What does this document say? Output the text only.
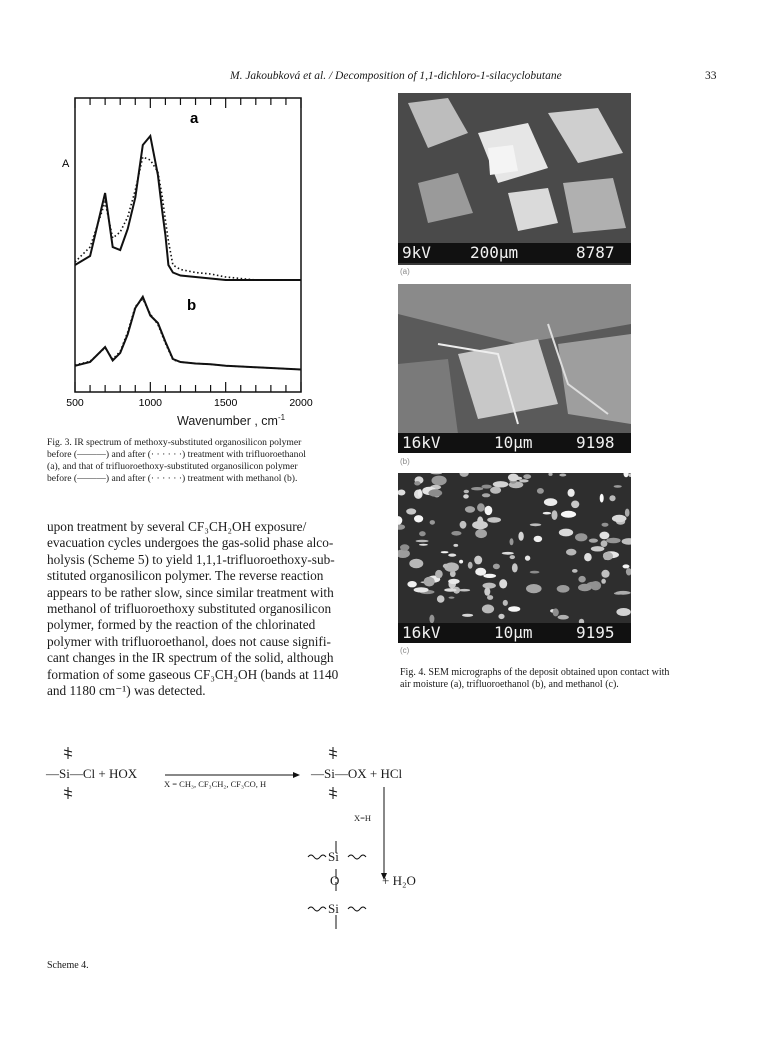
M. Jakoubková et al. / Decomposition of 1,1-dichloro-1-silacyclobutane	33
500	1000	1500	2000
A
a
b
Wavenumber , $cm^{-1}$
Fig. 3. IR spectrum of methoxy-substituted organosilicon polymer
before (———) and after (· · · · · ·) treatment with trifluoroethanol
(a), and that of trifluoroethoxy-substituted organosilicon polymer
before (———) and after (· · · · · ·) treatment with methanol (b).
upon treatment by several CF₃CH₂OH exposure/
evacuation cycles undergoes the gas-solid phase alco-
holysis (Scheme 5) to yield 1,1,1-trifluoroethoxy-sub-
stituted organosilicon polymer. The reverse reaction
appears to be rather slow, since similar treatment with
methanol of trifluoroethoxy substituted organosilicon
polymer, formed by the reaction of the chlorinated
polymer with trifluoroethanol, does not cause signifi-
cant changes in the IR spectrum of the solid, although
formation of some gaseous CF₃CH₂OH (bands at 1140
and 1180 cm⁻¹) was detected.
9kV 200µm	8787
(a)
16kV	10µm	9198
(b)
16kV	10µm	9195
(c)
Fig. 4. SEM micrographs of the deposit obtained upon contact with
air moisture (a), trifluoroethanol (b), and methanol (c).
—Si—Cl + HOX
X = CH₃, CF₃CH₂, CF₃CO, H
—Si—OX + HCl
X=H
Si
O	+ H₂O
Si
Scheme 4.
